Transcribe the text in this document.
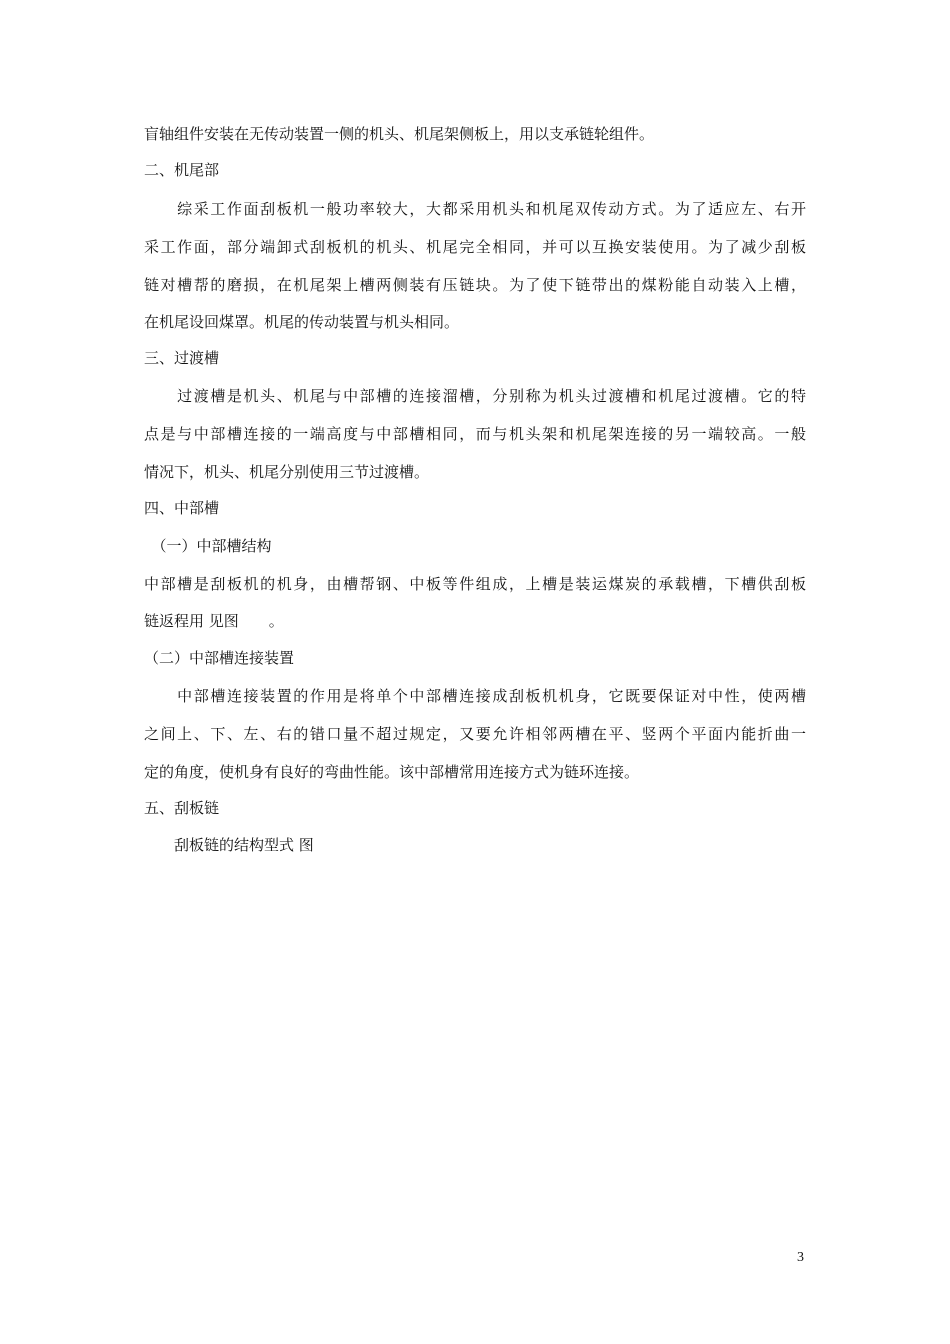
盲轴组件安装在无传动装置一侧的机头、机尾架侧板上，用以支承链轮组件。
二、机尾部
　　综采工作面刮板机一般功率较大，大都采用机头和机尾双传动方式。为了适应左、右开
采工作面，部分端卸式刮板机的机头、机尾完全相同，并可以互换安装使用。为了减少刮板
链对槽帮的磨损，在机尾架上槽两侧装有压链块。为了使下链带出的煤粉能自动装入上槽，
在机尾设回煤罩。机尾的传动装置与机头相同。
三、过渡槽
　　过渡槽是机头、机尾与中部槽的连接溜槽，分别称为机头过渡槽和机尾过渡槽。它的特
点是与中部槽连接的一端高度与中部槽相同，而与机头架和机尾架连接的另一端较高。一般
情况下，机头、机尾分别使用三节过渡槽。
四、中部槽
　（一）中部槽结构
中部槽是刮板机的机身，由槽帮钢、中板等件组成，上槽是装运煤炭的承载槽，下槽供刮板
链返程用 见图　　。
（二）中部槽连接装置
　　中部槽连接装置的作用是将单个中部槽连接成刮板机机身，它既要保证对中性，使两槽
之间上、下、左、右的错口量不超过规定，又要允许相邻两槽在平、竖两个平面内能折曲一
定的角度，使机身有良好的弯曲性能。该中部槽常用连接方式为链环连接。
五、刮板链
　　刮板链的结构型式 图
3
